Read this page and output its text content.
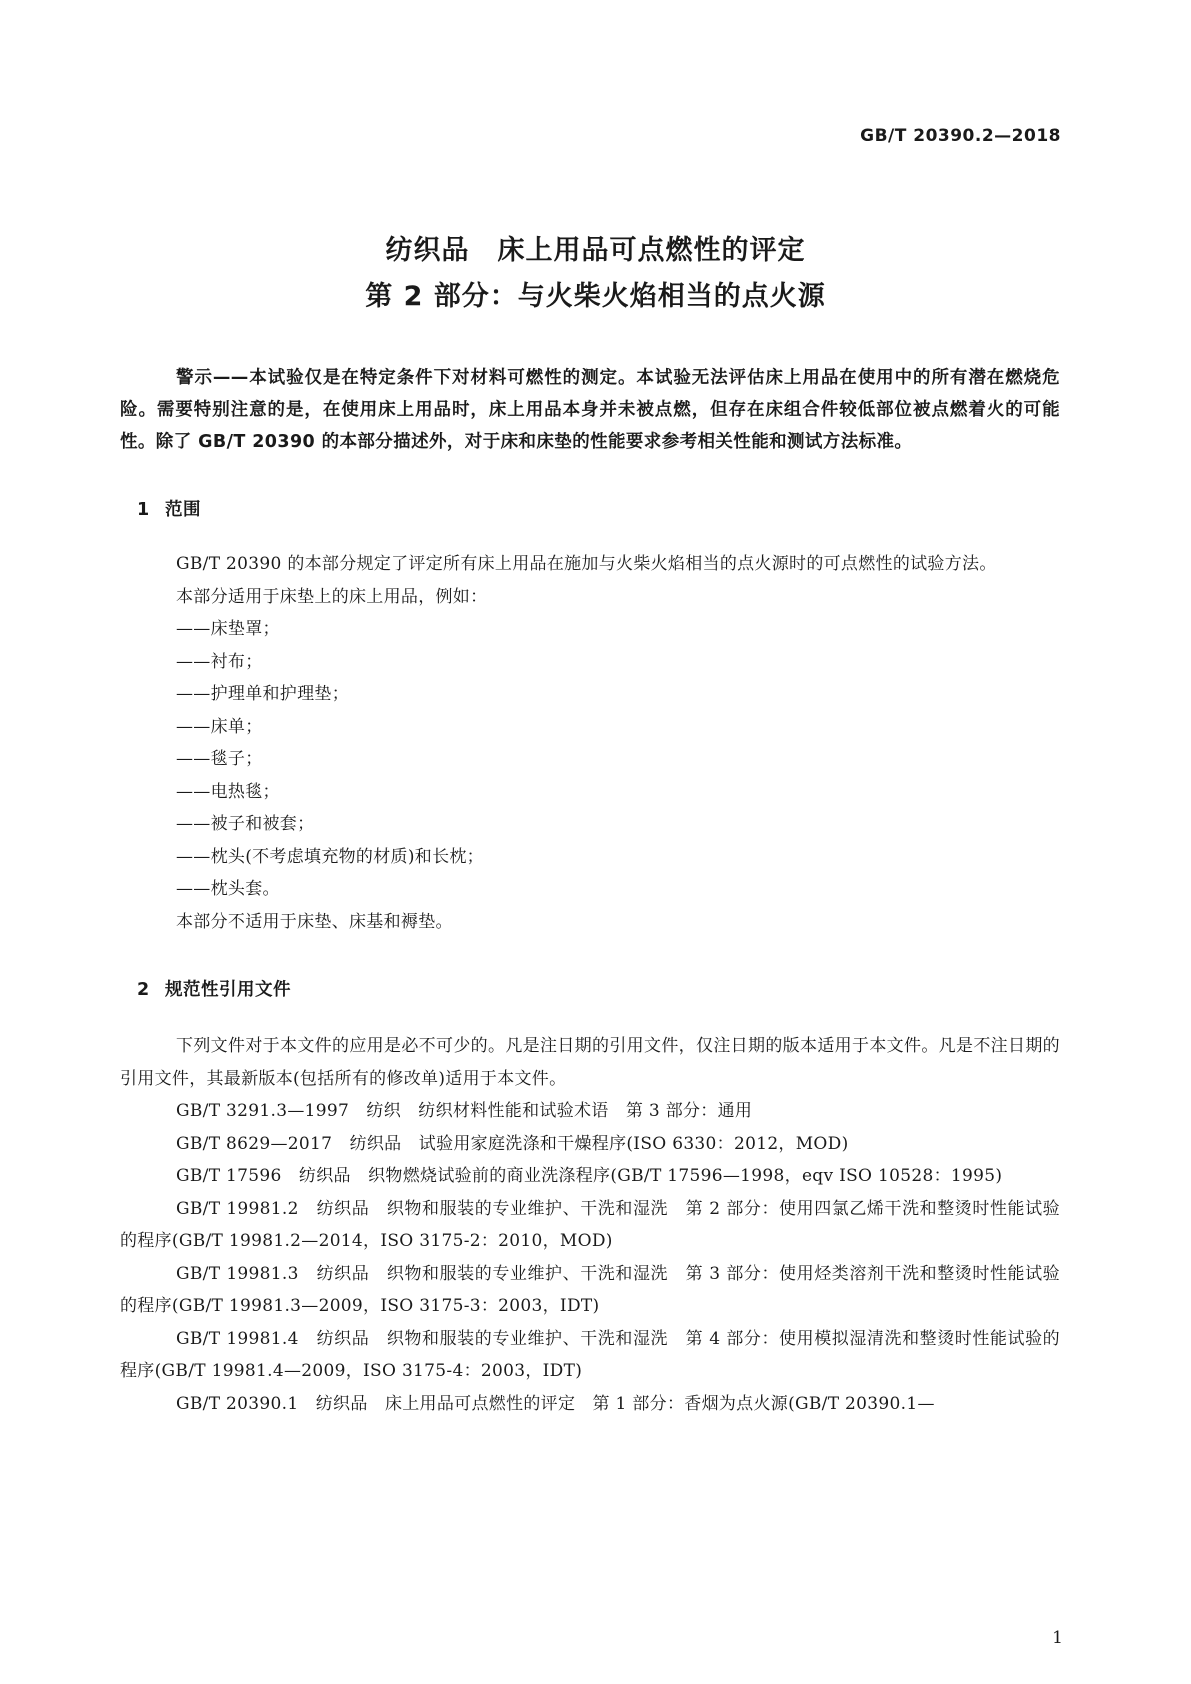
GB/T 20390.2—2018
纺织品　床上用品可点燃性的评定
第 2 部分：与火柴火焰相当的点火源
警示——本试验仅是在特定条件下对材料可燃性的测定。本试验无法评估床上用品在使用中的所有潜在燃烧危险。需要特别注意的是，在使用床上用品时，床上用品本身并未被点燃，但存在床组合件较低部位被点燃着火的可能性。除了 GB/T 20390 的本部分描述外，对于床和床垫的性能要求参考相关性能和测试方法标准。
1 范围

GB/T 20390 的本部分规定了评定所有床上用品在施加与火柴火焰相当的点火源时的可点燃性的试验方法。

本部分适用于床垫上的床上用品，例如：

——床垫罩；

——衬布；

——护理单和护理垫；

——床单；

——毯子；

——电热毯；

——被子和被套；

——枕头(不考虑填充物的材质)和长枕；

——枕头套。

本部分不适用于床垫、床基和褥垫。

2 规范性引用文件

下列文件对于本文件的应用是必不可少的。凡是注日期的引用文件，仅注日期的版本适用于本文件。凡是不注日期的引用文件，其最新版本(包括所有的修改单)适用于本文件。

GB/T 3291.3—1997　纺织　纺织材料性能和试验术语　第 3 部分：通用

GB/T 8629—2017　纺织品　试验用家庭洗涤和干燥程序(ISO 6330：2012，MOD)

GB/T 17596　纺织品　织物燃烧试验前的商业洗涤程序(GB/T 17596—1998，eqv ISO 10528：1995)

GB/T 19981.2　纺织品　织物和服装的专业维护、干洗和湿洗　第 2 部分：使用四氯乙烯干洗和整烫时性能试验的程序(GB/T 19981.2—2014，ISO 3175-2：2010，MOD)

GB/T 19981.3　纺织品　织物和服装的专业维护、干洗和湿洗　第 3 部分：使用烃类溶剂干洗和整烫时性能试验的程序(GB/T 19981.3—2009，ISO 3175-3：2003，IDT)

GB/T 19981.4　纺织品　织物和服装的专业维护、干洗和湿洗　第 4 部分：使用模拟湿清洗和整烫时性能试验的程序(GB/T 19981.4—2009，ISO 3175-4：2003，IDT)

GB/T 20390.1　纺织品　床上用品可点燃性的评定　第 1 部分：香烟为点火源(GB/T 20390.1—

1
